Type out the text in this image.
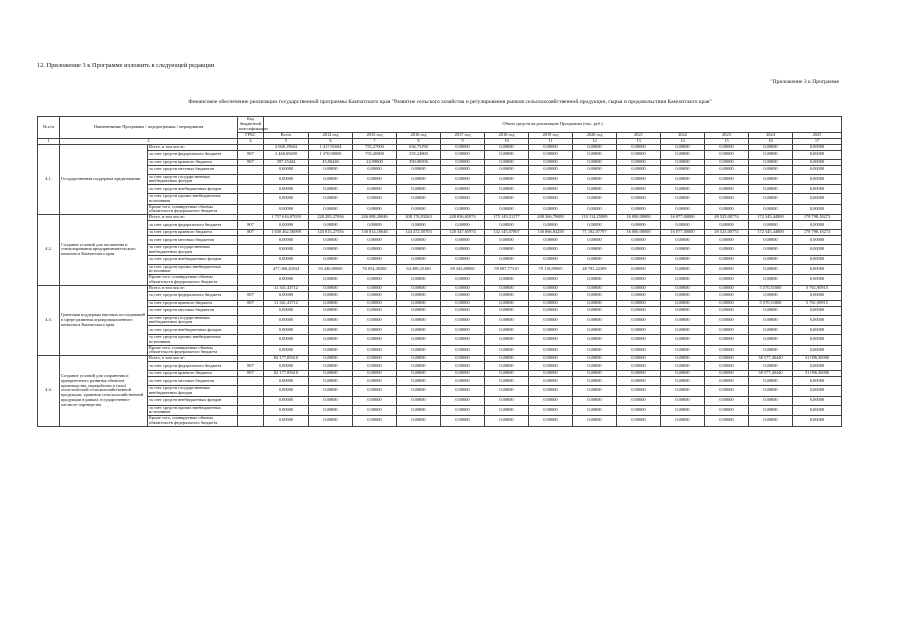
12. Приложение 3 к Программе изложить в следующей редакции
"Приложение 3 к Программе
Финансовое обеспечение реализации государственной программы Камчатского края "Развитие сельского хозяйства и регулирования рынков сельскохозяйственной продукции, сырья и продовольствия Камчатского края"
№ п/п	Наименование Программы / подпрограммы / мероприятия		Код бюджетной классификации	Объем средств на реализацию Программы (тыс. руб.)												
			ГРБС	Всего	2014 год	2015 год	2016 год	2017 год	2018 год	2019 год	2020 год	2021	2022	2023	2024	2025
1	2		4	5	6	7	8	9	10	11	12	13	14	15	16	17
4.1.	Государственная поддержка кредитования	Всего, в том числе:		2 068,19604	1 417,91604	755,27000	636,75190	0,00000	0,00000	0,00000	0,00000	0,00000	0,00000	0,00000	0,00000	0,00000
		за счет средств федерального бюджета	807	2 460,69400	1 370,00000	755,26900	335,24900	0,00000	0,00000	0,00000	0,00000	0,00000	0,00000	0,00000	0,00000	0,00000
		за счет средств краевого бюджета	807	397,15444	45,90440	24,99800	350,00500	0,00000	0,00000	0,00000	0,00000	0,00000	0,00000	0,00000	0,00000	0,00000
		за счет средств местных бюджетов		0,00000	0,00000	0,00000	0,00000	0,00000	0,00000	0,00000	0,00000	0,00000	0,00000	0,00000	0,00000	0,00000
		за счет средств государственных внебюджетных фондов		0,00000	0,00000	0,00000	0,00000	0,00000	0,00000	0,00000	0,00000	0,00000	0,00000	0,00000	0,00000	0,00000
		за счет средств внебюджетных фондов		0,00000	0,00000	0,00000	0,00000	0,00000	0,00000	0,00000	0,00000	0,00000	0,00000	0,00000	0,00000	0,00000
		за счет средств прочих внебюджетных источников		0,00000	0,00000	0,00000	0,00000	0,00000	0,00000	0,00000	0,00000	0,00000	0,00000	0,00000	0,00000	0,00000
		Кроме того, планируемые объемы обязательств федерального бюджета		0,00000	0,00000	0,00000	0,00000	0,00000	0,00000	0,00000	0,00000	0,00000	0,00000	0,00000	0,00000	0,00000
4.2.	Создание условий для погашения и стимулирования предпринимательского комплекса Камчатского края	Всего, в том числе:		1 757 616,07039	228 283,27036	246 088,26846	208 176,93263	248 836,65074	175 149,21177	208 366,79689	110 114,25909	16 000,00000	16 877,00000	49 525,00774	172 345,44800	178 798,18273
		за счет средств федерального бюджета	807	0,00000	0,00000	0,00000	0,00000	0,00000	0,00000	0,00000	0,00000	0,00000	0,00000	0,00000	0,00000	0,00000
		за счет средств краевого бюджета	807	1 630 462,56098	145 813,27556	130 814,18646	144 472,50703	128 347,65974	132 145,07807	130 866,84258	71 182,07797	16 000,00000	16 877,00000	49 525,00774	172 345,44800	178 798,18273
		за счет средств местных бюджетов		0,00000	0,00000	0,00000	0,00000	0,00000	0,00000	0,00000	0,00000	0,00000	0,00000	0,00000	0,00000	0,00000
		за счет средств государственных внебюджетных фондов		0,00000	0,00000	0,00000	0,00000	0,00000	0,00000	0,00000	0,00000	0,00000	0,00000	0,00000	0,00000	0,00000
		за счет средств внебюджетных фондов		0,00000	0,00000	0,00000	0,00000	0,00000	0,00000	0,00000	0,00000	0,00000	0,00000	0,00000	0,00000	0,00000
		за счет средств прочих внебюджетных источников		477,368,20034	93 440,00000	76 054,30200	64 499,25100	69 343,00000	59 087,77310	79 118,89965	48 781,22309	0,00000	0,00000	0,00000	0,00000	0,00000
		Кроме того, планируемые объемы обязательств федерального бюджета		0,00000	0,00000	0,00000	0,00000	0,00000	0,00000	0,00000	0,00000	0,00000	0,00000	0,00000	0,00000	0,00000
4.3.	Грантовая поддержка научных исследований в сфере развития агропромышленного комплекса Камчатского края	Всего, в том числе:		11 341,43712	0,00000	0,00000	0,00000	0,00000	0,00000	0,00000	0,00000	0,00000	0,00000	0,00000	5 570,51800	5 761,90915
		за счет средств федерального бюджета	807	0,00000	0,00000	0,00000	0,00000	0,00000	0,00000	0,00000	0,00000	0,00000	0,00000	0,00000	0,00000	0,00000
		за счет средств краевого бюджета	807	11 341,43712	0,00000	0,00000	0,00000	0,00000	0,00000	0,00000	0,00000	0,00000	0,00000	0,00000	5 570,51800	5 761,90915
		за счет средств местных бюджетов		0,00000	0,00000	0,00000	0,00000	0,00000	0,00000	0,00000	0,00000	0,00000	0,00000	0,00000	0,00000	0,00000
		за счет средств государственных внебюджетных фондов		0,00000	0,00000	0,00000	0,00000	0,00000	0,00000	0,00000	0,00000	0,00000	0,00000	0,00000	0,00000	0,00000
		за счет средств внебюджетных фондов		0,00000	0,00000	0,00000	0,00000	0,00000	0,00000	0,00000	0,00000	0,00000	0,00000	0,00000	0,00000	0,00000
		за счет средств прочих внебюджетных источников		0,00000	0,00000	0,00000	0,00000	0,00000	0,00000	0,00000	0,00000	0,00000	0,00000	0,00000	0,00000	0,00000
		Кроме того, планируемые объемы обязательств федерального бюджета		0,00000	0,00000	0,00000	0,00000	0,00000	0,00000	0,00000	0,00000	0,00000	0,00000	0,00000	0,00000	0,00000
4.4.	Создание условий для сохранения и приоритетного развития объектов производства, переработки и (или) логистической сельскохозяйственной продукции, хранения сельскохозяйственной продукции в рамках государственно-частного партнерства	Всего, в том числе:		82 177,85610	0,00000	0,00000	0,00000	0,00000	0,00000	0,00000	0,00000	0,00000	0,00000	0,00000	38 577,40440	31 096,30000
		за счет средств федерального бюджета	807	0,00000	0,00000	0,00000	0,00000	0,00000	0,00000	0,00000	0,00000	0,00000	0,00000	0,00000	0,00000	0,00000
		за счет средств краевого бюджета	807	82 177,85610	0,00000	0,00000	0,00000	0,00000	0,00000	0,00000	0,00000	0,00000	0,00000	0,00000	38 577,40440	31 096,30000
		за счет средств местных бюджетов		0,00000	0,00000	0,00000	0,00000	0,00000	0,00000	0,00000	0,00000	0,00000	0,00000	0,00000	0,00000	0,00000
		за счет средств государственных внебюджетных фондов		0,00000	0,00000	0,00000	0,00000	0,00000	0,00000	0,00000	0,00000	0,00000	0,00000	0,00000	0,00000	0,00000
		за счет средств внебюджетных фондов		0,00000	0,00000	0,00000	0,00000	0,00000	0,00000	0,00000	0,00000	0,00000	0,00000	0,00000	0,00000	0,00000
		за счет средств прочих внебюджетных источников		0,00000	0,00000	0,00000	0,00000	0,00000	0,00000	0,00000	0,00000	0,00000	0,00000	0,00000	0,00000	0,00000
		Кроме того, планируемые объемы обязательств федерального бюджета		0,00000	0,00000	0,00000	0,00000	0,00000	0,00000	0,00000	0,00000	0,00000	0,00000	0,00000	0,00000	0,00000
